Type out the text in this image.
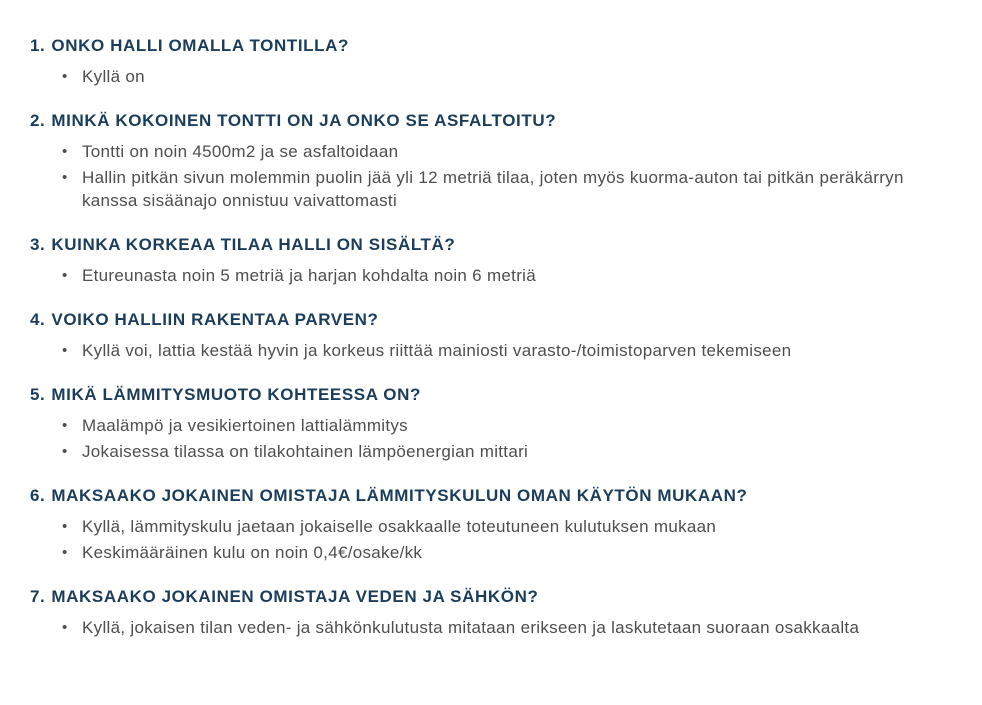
1. ONKO HALLI OMALLA TONTILLA?
• Kyllä on
2. MINKÄ KOKOINEN TONTTI ON JA ONKO SE ASFALTOITU?
• Tontti on noin 4500m2 ja se asfaltoidaan
• Hallin pitkän sivun molemmin puolin jää yli 12 metriä tilaa, joten myös kuorma-auton tai pitkän peräkärryn kanssa sisäänajo onnistuu vaivattomasti
3. KUINKA KORKEAA TILAA HALLI ON SISÄLTÄ?
• Etureunasta noin 5 metriä ja harjan kohdalta noin 6 metriä
4. VOIKO HALLIIN RAKENTAA PARVEN?
• Kyllä voi, lattia kestää hyvin ja korkeus riittää mainiosti varasto-/toimistoparven tekemiseen
5. MIKÄ LÄMMITYSMUOTO KOHTEESSA ON?
• Maalämpö ja vesikiertoinen lattialämmitys
• Jokaisessa tilassa on tilakohtainen lämpöenergian mittari
6. MAKSAAKO JOKAINEN OMISTAJA LÄMMITYSKULUN OMAN KÄYTÖN MUKAAN?
• Kyllä, lämmityskulu jaetaan jokaiselle osakkaalle toteutuneen kulutuksen mukaan
• Keskimääräinen kulu on noin 0,4€/osake/kk
7. MAKSAAKO JOKAINEN OMISTAJA VEDEN JA SÄHKÖN?
• Kyllä, jokaisen tilan veden- ja sähkönkulutusta mitataan erikseen ja laskutetaan suoraan osakkaalta
